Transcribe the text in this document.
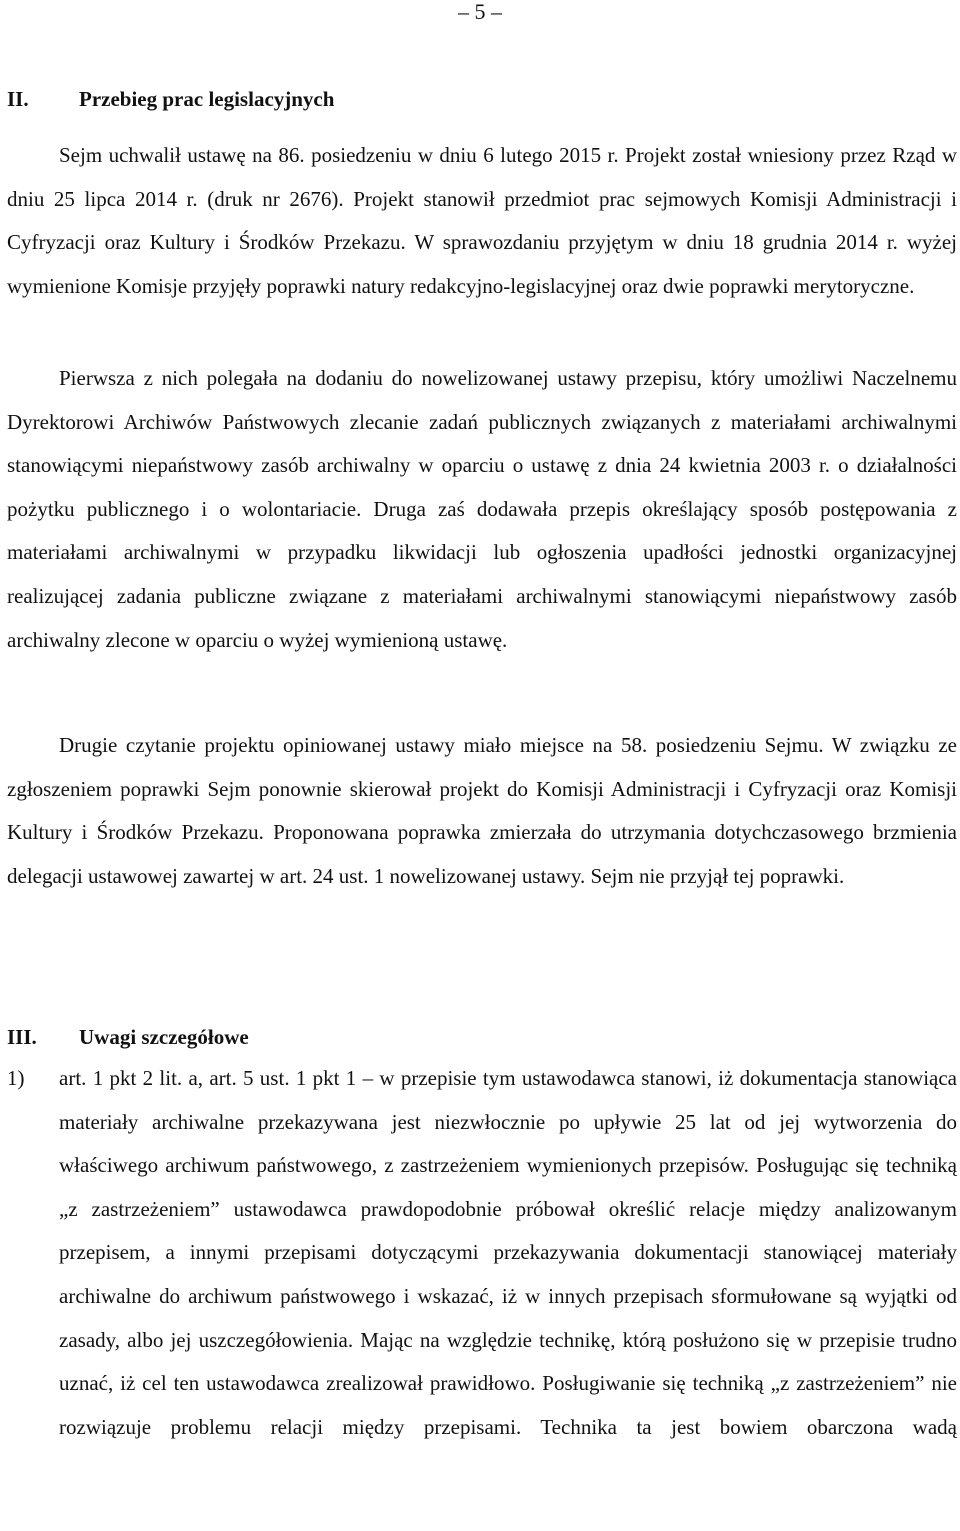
– 5 –
II. Przebieg prac legislacyjnych
Sejm uchwalił ustawę na 86. posiedzeniu w dniu 6 lutego 2015 r. Projekt został wniesiony przez Rząd w dniu 25 lipca 2014 r. (druk nr 2676). Projekt stanowił przedmiot prac sejmowych Komisji Administracji i Cyfryzacji oraz Kultury i Środków Przekazu. W sprawozdaniu przyjętym w dniu 18 grudnia 2014 r. wyżej wymienione Komisje przyjęły poprawki natury redakcyjno-legislacyjnej oraz dwie poprawki merytoryczne.
Pierwsza z nich polegała na dodaniu do nowelizowanej ustawy przepisu, który umożliwi Naczelnemu Dyrektorowi Archiwów Państwowych zlecanie zadań publicznych związanych z materiałami archiwalnymi stanowiącymi niepaństwowy zasób archiwalny w oparciu o ustawę z dnia 24 kwietnia 2003 r. o działalności pożytku publicznego i o wolontariacie. Druga zaś dodawała przepis określający sposób postępowania z materiałami archiwalnymi w przypadku likwidacji lub ogłoszenia upadłości jednostki organizacyjnej realizującej zadania publiczne związane z materiałami archiwalnymi stanowiącymi niepaństwowy zasób archiwalny zlecone w oparciu o wyżej wymienioną ustawę.
Drugie czytanie projektu opiniowanej ustawy miało miejsce na 58. posiedzeniu Sejmu. W związku ze zgłoszeniem poprawki Sejm ponownie skierował projekt do Komisji Administracji i Cyfryzacji oraz Komisji Kultury i Środków Przekazu. Proponowana poprawka zmierzała do utrzymania dotychczasowego brzmienia delegacji ustawowej zawartej w art. 24 ust. 1 nowelizowanej ustawy. Sejm nie przyjął tej poprawki.
III. Uwagi szczegółowe
1) art. 1 pkt 2 lit. a, art. 5 ust. 1 pkt 1 – w przepisie tym ustawodawca stanowi, iż dokumentacja stanowiąca materiały archiwalne przekazywana jest niezwłocznie po upływie 25 lat od jej wytworzenia do właściwego archiwum państwowego, z zastrzeżeniem wymienionych przepisów. Posługując się techniką „z zastrzeżeniem” ustawodawca prawdopodobnie próbował określić relacje między analizowanym przepisem, a innymi przepisami dotyczącymi przekazywania dokumentacji stanowiącej materiały archiwalne do archiwum państwowego i wskazać, iż w innych przepisach sformułowane są wyjątki od zasady, albo jej uszczegółowienia. Mając na względzie technikę, którą posłużono się w przepisie trudno uznać, iż cel ten ustawodawca zrealizował prawidłowo. Posługiwanie się techniką „z zastrzeżeniem” nie rozwiązuje problemu relacji między przepisami. Technika ta jest bowiem obarczona wadą
